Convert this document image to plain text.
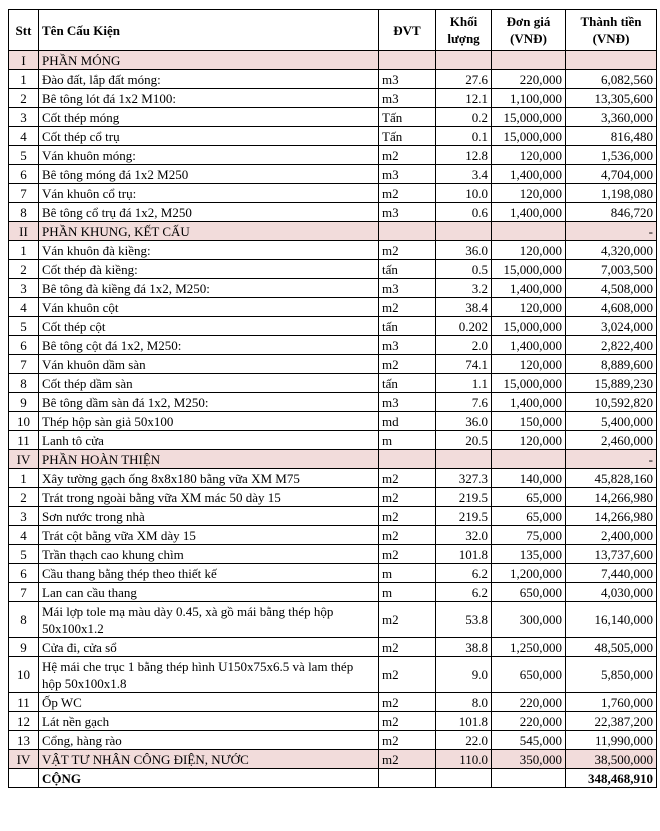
Stt	Tên Cấu Kiện	ĐVT	Khối lượng	Đơn giá (VNĐ)	Thành tiền (VNĐ)
I	PHẦN MÓNG				
1	Đào đất, lắp đất móng:	m3	27.6	220,000	6,082,560
2	Bê tông lót đá 1x2 M100:	m3	12.1	1,100,000	13,305,600
3	Cốt thép móng	Tấn	0.2	15,000,000	3,360,000
4	Cốt thép cổ trụ	Tấn	0.1	15,000,000	816,480
5	Ván khuôn móng:	m2	12.8	120,000	1,536,000
6	Bê tông móng đá 1x2 M250	m3	3.4	1,400,000	4,704,000
7	Ván khuôn cổ trụ:	m2	10.0	120,000	1,198,080
8	Bê tông cổ trụ đá 1x2, M250	m3	0.6	1,400,000	846,720
II	PHẦN KHUNG, KẾT CẤU				-
1	Ván khuôn đà kiềng:	m2	36.0	120,000	4,320,000
2	Cốt thép đà kiềng:	tấn	0.5	15,000,000	7,003,500
3	Bê tông đà kiềng đá 1x2, M250:	m3	3.2	1,400,000	4,508,000
4	Ván khuôn cột	m2	38.4	120,000	4,608,000
5	Cốt thép cột	tấn	0.202	15,000,000	3,024,000
6	Bê tông cột đá 1x2, M250:	m3	2.0	1,400,000	2,822,400
7	Ván khuôn dầm sàn	m2	74.1	120,000	8,889,600
8	Cốt thép dầm sàn	tấn	1.1	15,000,000	15,889,230
9	Bê tông dầm sàn đá 1x2, M250:	m3	7.6	1,400,000	10,592,820
10	Thép hộp sàn giả 50x100	md	36.0	150,000	5,400,000
11	Lanh tô cửa	m	20.5	120,000	2,460,000
IV	PHẦN HOÀN THIỆN				-
1	Xây tường gạch ống 8x8x180 bằng vữa XM M75	m2	327.3	140,000	45,828,160
2	Trát trong ngoài bằng vữa XM mác 50 dày 15	m2	219.5	65,000	14,266,980
3	Sơn nước trong nhà	m2	219.5	65,000	14,266,980
4	Trát cột bằng vữa XM dày 15	m2	32.0	75,000	2,400,000
5	Trần thạch cao khung chìm	m2	101.8	135,000	13,737,600
6	Cầu thang bằng thép theo thiết kế	m	6.2	1,200,000	7,440,000
7	Lan can cầu thang	m	6.2	650,000	4,030,000
8	Mái lợp tole mạ màu dày 0.45, xà gồ mái bằng thép hộp 50x100x1.2	m2	53.8	300,000	16,140,000
9	Cửa đi, cửa sổ	m2	38.8	1,250,000	48,505,000
10	Hệ mái che trục 1 bằng thép hình U150x75x6.5 và lam thép hộp 50x100x1.8	m2	9.0	650,000	5,850,000
11	Ốp WC	m2	8.0	220,000	1,760,000
12	Lát nền gạch	m2	101.8	220,000	22,387,200
13	Cổng, hàng rào	m2	22.0	545,000	11,990,000
IV	VẬT TƯ NHÂN CÔNG ĐIỆN, NƯỚC	m2	110.0	350,000	38,500,000
	CỘNG				348,468,910
